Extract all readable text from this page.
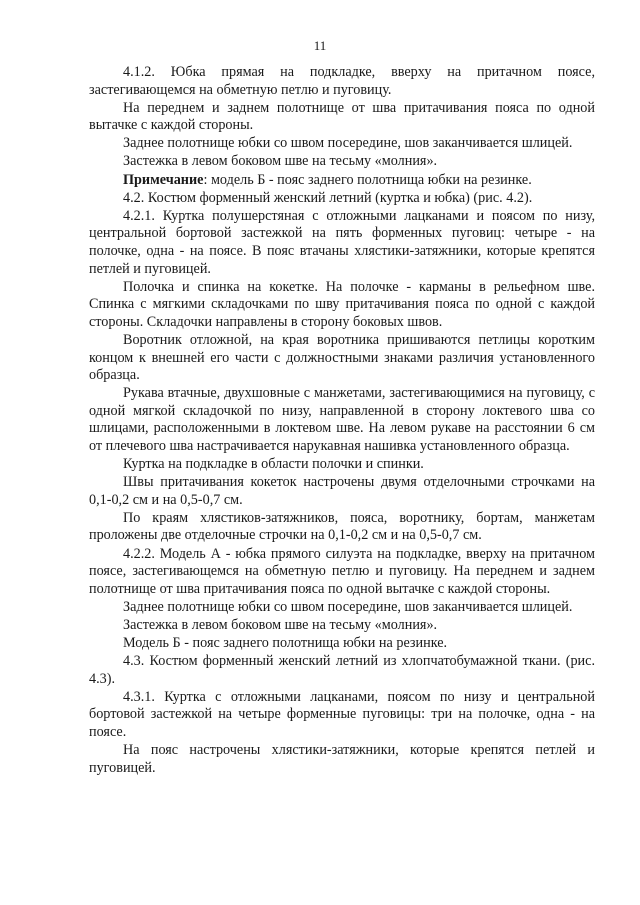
11

4.1.2. Юбка прямая на подкладке, вверху на притачном поясе, застегивающемся на обметную петлю и пуговицу.

На переднем и заднем полотнище от шва притачивания пояса по одной вытачке с каждой стороны.

Заднее полотнище юбки со швом посередине, шов заканчивается шлицей.

Застежка в левом боковом шве на тесьму «молния».

Примечание: модель Б - пояс заднего полотнища юбки на резинке.

4.2. Костюм форменный женский летний (куртка и юбка) (рис. 4.2).

4.2.1. Куртка полушерстяная с отложными лацканами и поясом по низу, центральной бортовой застежкой на пять форменных пуговиц: четыре - на полочке, одна - на поясе. В пояс втачаны хлястики-затяжники, которые крепятся петлей и пуговицей.

Полочка и спинка на кокетке. На полочке - карманы в рельефном шве. Спинка с мягкими складочками по шву притачивания пояса по одной с каждой стороны. Складочки направлены в сторону боковых швов.

Воротник отложной, на края воротника пришиваются петлицы коротким концом к внешней его части с должностными знаками различия установленного образца.

Рукава втачные, двухшовные с манжетами, застегивающимися на пуговицу, с одной мягкой складочкой по низу, направленной в сторону локтевого шва со шлицами, расположенными в локтевом шве. На левом рукаве на расстоянии 6 см от плечевого шва настрачивается нарукавная нашивка установленного образца.

Куртка на подкладке в области полочки и спинки.

Швы притачивания кокеток настрочены двумя отделочными строчками на 0,1-0,2 см и на 0,5-0,7 см.

По краям хлястиков-затяжников, пояса, воротнику, бортам, манжетам проложены две отделочные строчки на 0,1-0,2 см и на 0,5-0,7 см.

4.2.2. Модель А - юбка прямого силуэта на подкладке, вверху на притачном поясе, застегивающемся на обметную петлю и пуговицу. На переднем и заднем полотнище от шва притачивания пояса по одной вытачке с каждой стороны.

Заднее полотнище юбки со швом посередине, шов заканчивается шлицей.

Застежка в левом боковом шве на тесьму «молния».

Модель Б - пояс заднего полотнища юбки на резинке.

4.3. Костюм форменный женский летний из хлопчатобумажной ткани. (рис. 4.3).

4.3.1. Куртка с отложными лацканами, поясом по низу и центральной бортовой застежкой на четыре форменные пуговицы: три на полочке, одна - на поясе.

На пояс настрочены хлястики-затяжники, которые крепятся петлей и пуговицей.
